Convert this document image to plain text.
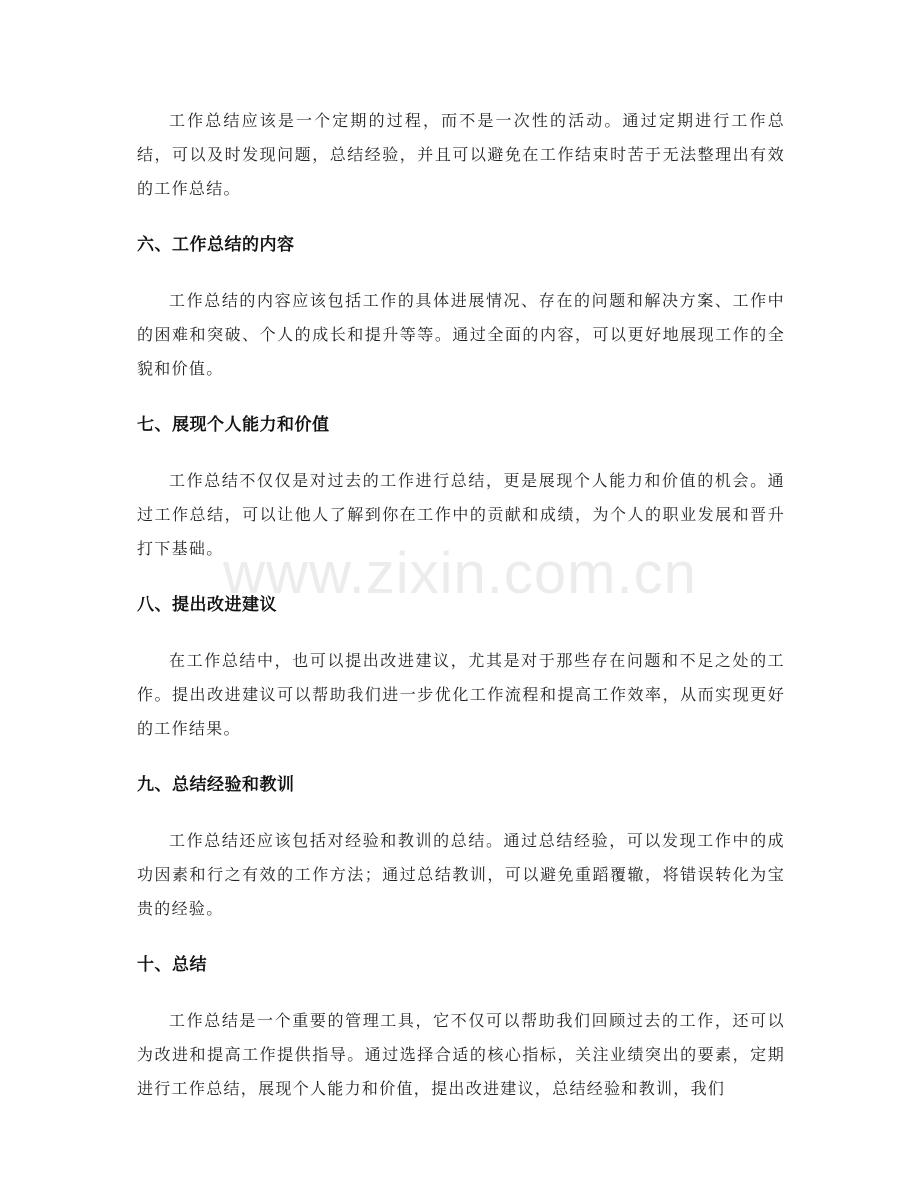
www.zixin.com.cn

工作总结应该是一个定期的过程，而不是一次性的活动。通过定期进行工作总结，可以及时发现问题，总结经验，并且可以避免在工作结束时苦于无法整理出有效的工作总结。

六、工作总结的内容

工作总结的内容应该包括工作的具体进展情况、存在的问题和解决方案、工作中的困难和突破、个人的成长和提升等等。通过全面的内容，可以更好地展现工作的全貌和价值。

七、展现个人能力和价值

工作总结不仅仅是对过去的工作进行总结，更是展现个人能力和价值的机会。通过工作总结，可以让他人了解到你在工作中的贡献和成绩，为个人的职业发展和晋升打下基础。

八、提出改进建议

在工作总结中，也可以提出改进建议，尤其是对于那些存在问题和不足之处的工作。提出改进建议可以帮助我们进一步优化工作流程和提高工作效率，从而实现更好的工作结果。

九、总结经验和教训

工作总结还应该包括对经验和教训的总结。通过总结经验，可以发现工作中的成功因素和行之有效的工作方法；通过总结教训，可以避免重蹈覆辙，将错误转化为宝贵的经验。

十、总结

工作总结是一个重要的管理工具，它不仅可以帮助我们回顾过去的工作，还可以为改进和提高工作提供指导。通过选择合适的核心指标，关注业绩突出的要素，定期进行工作总结，展现个人能力和价值，提出改进建议，总结经验和教训，我们
